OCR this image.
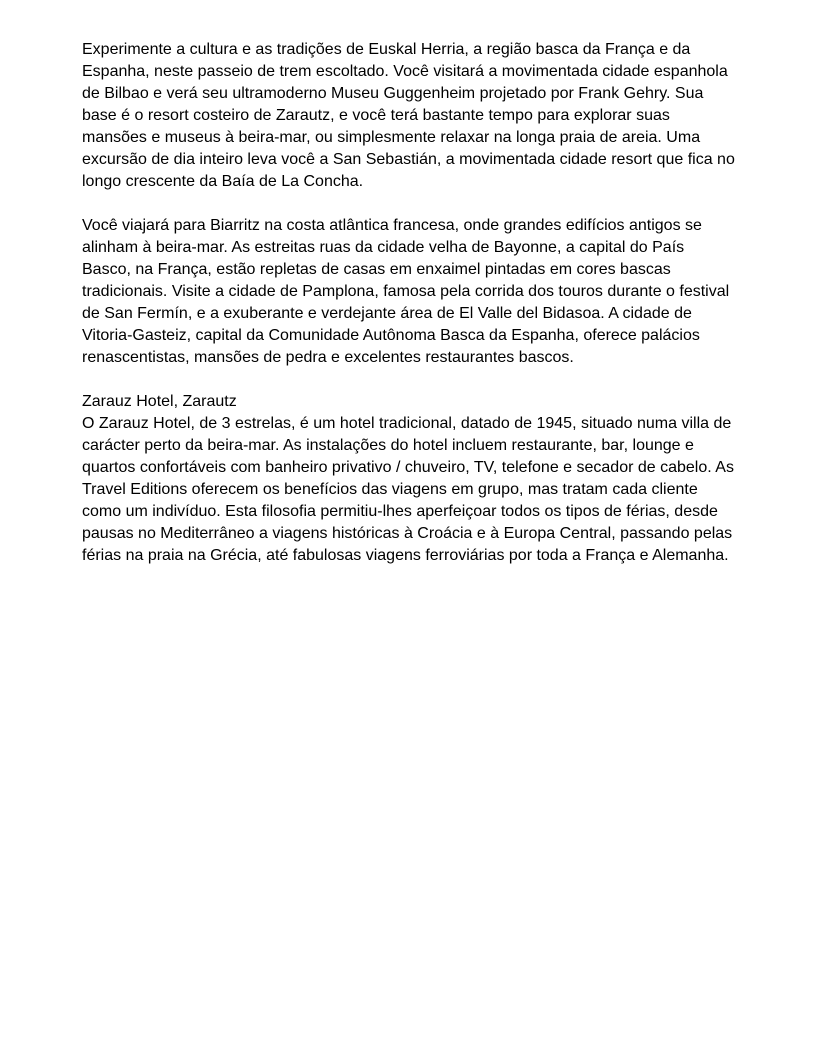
Experimente a cultura e as tradições de Euskal Herria, a região basca da França e da Espanha, neste passeio de trem escoltado. Você visitará a movimentada cidade espanhola de Bilbao e verá seu ultramoderno Museu Guggenheim projetado por Frank Gehry. Sua base é o resort costeiro de Zarautz, e você terá bastante tempo para explorar suas mansões e museus à beira-mar, ou simplesmente relaxar na longa praia de areia. Uma excursão de dia inteiro leva você a San Sebastián, a movimentada cidade resort que fica no longo crescente da Baía de La Concha.

Você viajará para Biarritz na costa atlântica francesa, onde grandes edifícios antigos se alinham à beira-mar. As estreitas ruas da cidade velha de Bayonne, a capital do País Basco, na França, estão repletas de casas em enxaimel pintadas em cores bascas tradicionais. Visite a cidade de Pamplona, famosa pela corrida dos touros durante o festival de San Fermín, e a exuberante e verdejante área de El Valle del Bidasoa. A cidade de Vitoria-Gasteiz, capital da Comunidade Autônoma Basca da Espanha, oferece palácios renascentistas, mansões de pedra e excelentes restaurantes bascos.

Zarauz Hotel, Zarautz

O Zarauz Hotel, de 3 estrelas, é um hotel tradicional, datado de 1945, situado numa villa de carácter perto da beira-mar. As instalações do hotel incluem restaurante, bar, lounge e quartos confortáveis com banheiro privativo / chuveiro, TV, telefone e secador de cabelo. As Travel Editions oferecem os benefícios das viagens em grupo, mas tratam cada cliente como um indivíduo. Esta filosofia permitiu-lhes aperfeiçoar todos os tipos de férias, desde pausas no Mediterrâneo a viagens históricas à Croácia e à Europa Central, passando pelas férias na praia na Grécia, até fabulosas viagens ferroviárias por toda a França e Alemanha.
